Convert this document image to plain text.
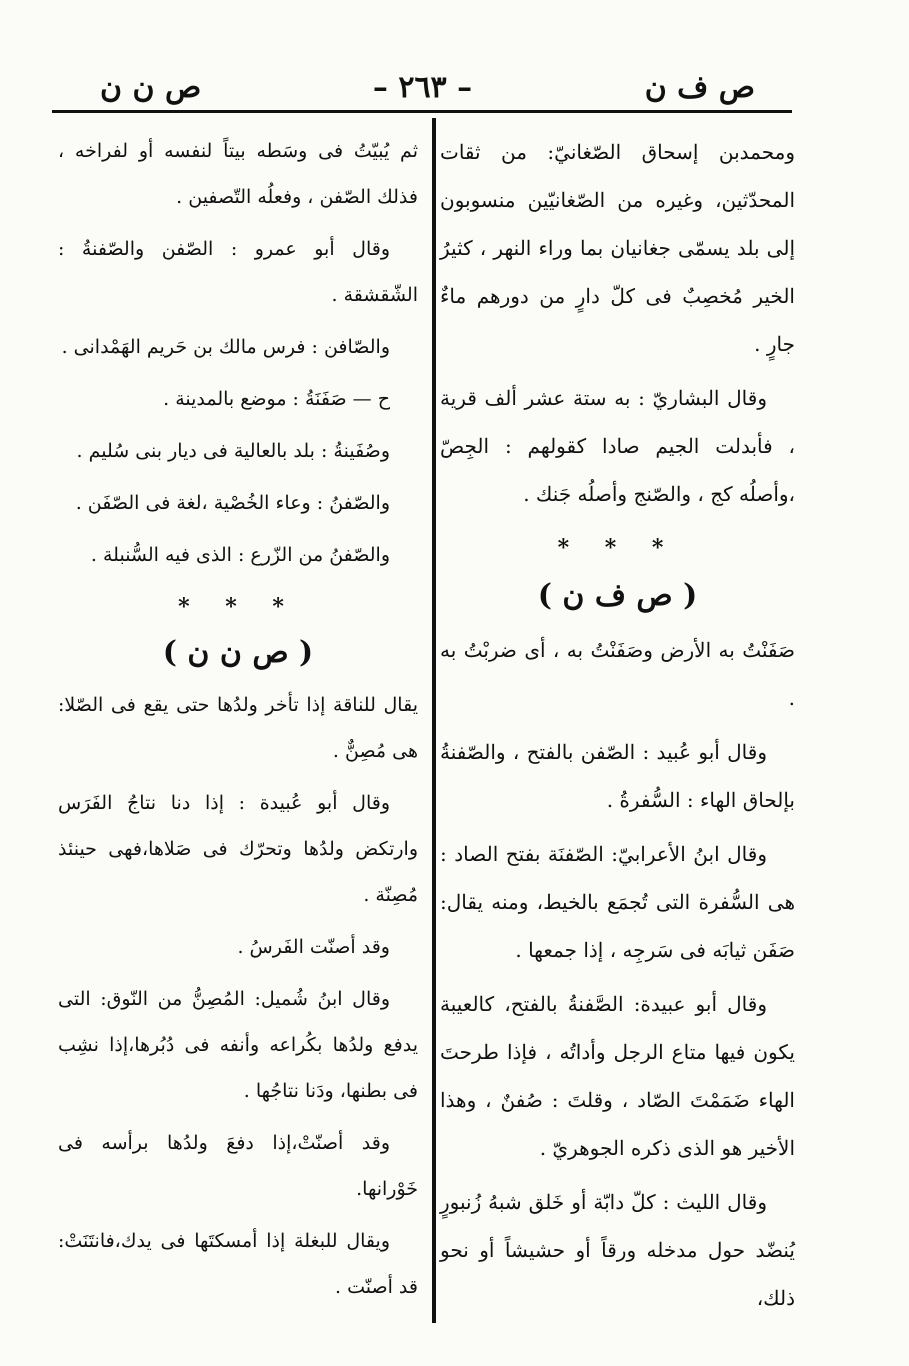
ص ف ن
– ٢٦٣ –
ص ن ن

ومحمدبن إسحاق الصّغانيّ: من ثقات المحدّثين، وغيره من الصّغانيّين منسوبون إلى بلد يسمّى جغانيان بما وراء النهر ، كثيرُ الخير مُخصِبٌ فى كلّ دارٍ من دورهم ماءٌ جارٍ .

وقال البشاريّ : به ستة عشر ألف قرية ، فأبدلت الجيم صادا كقولهم : الجِصّ ،وأصلُه كج ، والصّنج وأصلُه جَنك .

* * *
( ص ف ن )

صَفَنْتُ به الأرض وصَفَنْتُ به ، أى ضربْتُ به .

وقال أبو عُبيد : الصّفن بالفتح ، والصّفنةُ بإلحاق الهاء : السُّفرةُ .

وقال ابنُ الأعرابيّ: الصّفنَة بفتح الصاد : هى السُّفرة التى تُجمَع بالخيط، ومنه يقال: صَفَن ثيابَه فى سَرجِه ، إذا جمعها .

وقال أبو عبيدة: الصَّفنةُ بالفتح، كالعيبة يكون فيها متاع الرجل وأداتُه ، فإذا طرحتَ الهاء ضَمَمْتَ الصّاد ، وقلتَ : صُفنٌ ، وهذا الأخير هو الذى ذكره الجوهريّ .

وقال الليث : كلّ دابّة أو خَلق شبهُ زُنبورٍ يُنضّد حول مدخله ورقاً أو حشيشاً أو نحو ذلك،

ثم يُبيّتُ فى وسَطه بيتاً لنفسه أو لفراخه ، فذلك الصّفن ، وفعلُه التّصفين .

وقال أبو عمرو : الصّفن والصّفنةُ : الشّقشقة .

والصّافن : فرس مالك بن حَريم الهَمْدانى .

ح — صَفَنَةُ : موضع بالمدينة .

وصُفَينةُ : بلد بالعالية فى ديار بنى سُليم .

والصّفنُ : وعاء الخُصْية ،لغة فى الصّفَن .

والصّفنُ من الزّرع : الذى فيه السُّنبلة .

* * *
( ص ن ن )

يقال للناقة إذا تأخر ولدُها حتى يقع فى الصّلا: هى مُصِنٌّ .

وقال أبو عُبيدة : إذا دنا نتاجُ الفَرَس وارتكض ولدُها وتحرّك فى صَلاها،فهى حينئذ مُصِنّة .

وقد أصنّت الفَرسُ .

وقال ابنُ شُميل: المُصِنُّ من النّوق: التى يدفع ولدُها بكُراعه وأنفه فى دُبُرها،إذا نشِب فى بطنها، ودَنا نتاجُها .

وقد أصنّتْ،إذا دفعَ ولدُها برأسه فى خَوْرانها.

ويقال للبغلة إذا أمسكتَها فى يدك،فانتَنَتْ: قد أصنّت .
